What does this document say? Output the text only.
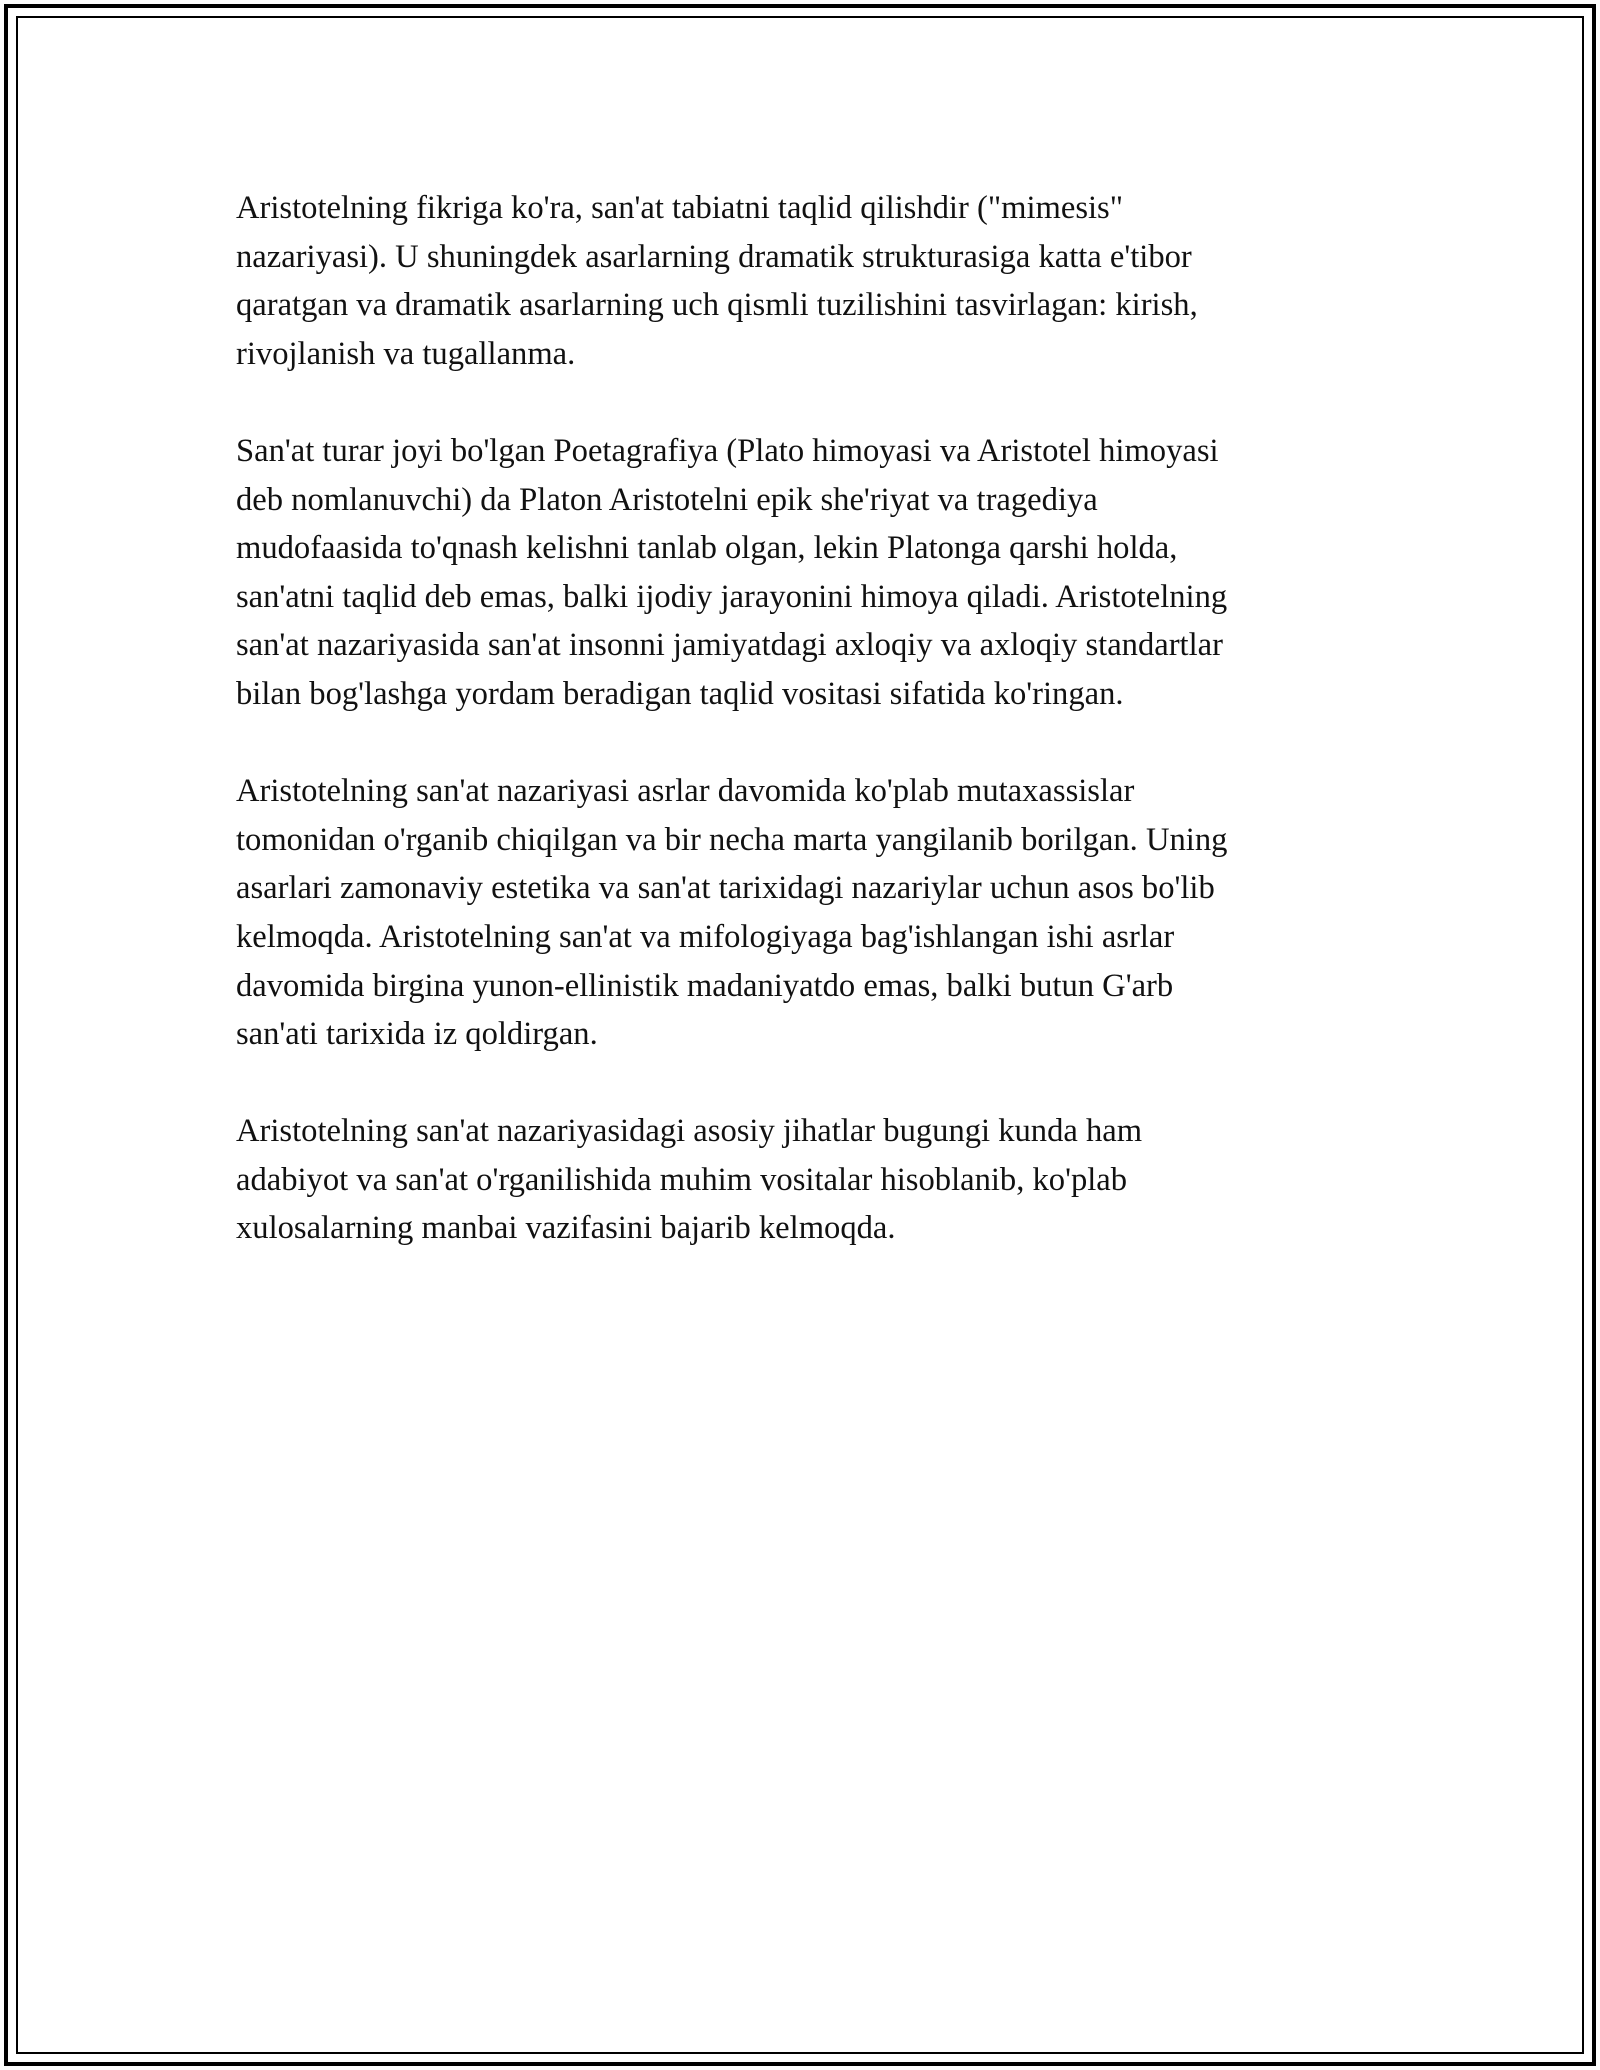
Aristotelning fikriga ko'ra, san'at tabiatni taqlid qilishdir ("mimesis"
nazariyasi). U shuningdek asarlarning dramatik strukturasiga katta e'tibor
qaratgan va dramatik asarlarning uch qismli tuzilishini tasvirlagan: kirish,
rivojlanish va tugallanma.

San'at turar joyi bo'lgan Poetagrafiya (Plato himoyasi va Aristotel himoyasi
deb nomlanuvchi) da Platon Aristotelni epik she'riyat va tragediya
mudofaasida to'qnash kelishni tanlab olgan, lekin Platonga qarshi holda,
san'atni taqlid deb emas, balki ijodiy jarayonini himoya qiladi. Aristotelning
san'at nazariyasida san'at insonni jamiyatdagi axloqiy va axloqiy standartlar
bilan bog'lashga yordam beradigan taqlid vositasi sifatida ko'ringan.

Aristotelning san'at nazariyasi asrlar davomida ko'plab mutaxassislar
tomonidan o'rganib chiqilgan va bir necha marta yangilanib borilgan. Uning
asarlari zamonaviy estetika va san'at tarixidagi nazariylar uchun asos bo'lib
kelmoqda. Aristotelning san'at va mifologiyaga bag'ishlangan ishi asrlar
davomida birgina yunon-ellinistik madaniyatdo emas, balki butun G'arb
san'ati tarixida iz qoldirgan.

Aristotelning san'at nazariyasidagi asosiy jihatlar bugungi kunda ham
adabiyot va san'at o'rganilishida muhim vositalar hisoblanib, ko'plab
xulosalarning manbai vazifasini bajarib kelmoqda.
